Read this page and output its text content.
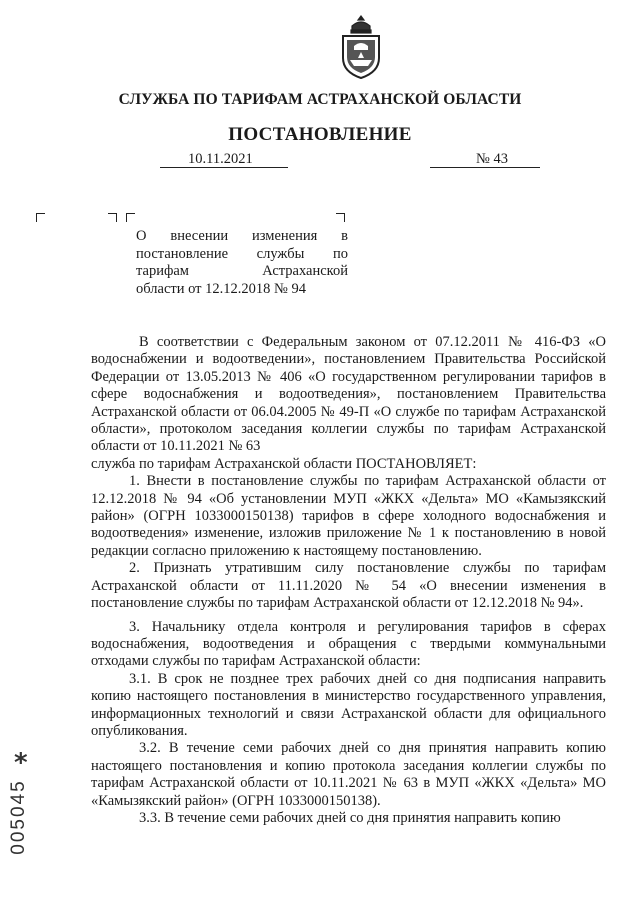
СЛУЖБА ПО ТАРИФАМ АСТРАХАНСКОЙ ОБЛАСТИ
ПОСТАНОВЛЕНИЕ
10.11.2021	№ 43
О внесении изменения в
постановление службы по
тарифам Астраханской
области от 12.12.2018 № 94

В соответствии с Федеральным законом от 07.12.2011 № 416-ФЗ «О водоснабжении и водоотведении», постановлением Правительства Российской Федерации от 13.05.2013 № 406 «О государственном регулировании тарифов в сфере водоснабжения и водоотведения», постановлением Правительства Астраханской области от 06.04.2005 № 49-П «О службе по тарифам Астраханской области», протоколом заседания коллегии службы по тарифам Астраханской области от 10.11.2021 № 63

служба по тарифам Астраханской области ПОСТАНОВЛЯЕТ:

1. Внести в постановление службы по тарифам Астраханской области от 12.12.2018 № 94 «Об установлении МУП «ЖКХ «Дельта» МО «Камызякский район» (ОГРН 1033000150138) тарифов в сфере холодного водоснабжения и водоотведения» изменение, изложив приложение № 1 к постановлению в новой редакции согласно приложению к настоящему постановлению.

2. Признать утратившим силу постановление службы по тарифам Астраханской области от 11.11.2020 № 54 «О внесении изменения в постановление службы по тарифам Астраханской области от 12.12.2018 № 94».

3. Начальнику отдела контроля и регулирования тарифов в сферах водоснабжения, водоотведения и обращения с твердыми коммунальными отходами службы по тарифам Астраханской области:

3.1. В срок не позднее трех рабочих дней со дня подписания направить копию настоящего постановления в министерство государственного управления, информационных технологий и связи Астраханской области для официального опубликования.

3.2. В течение семи рабочих дней со дня принятия направить копию настоящего постановления и копию протокола заседания коллегии службы по тарифам Астраханской области от 10.11.2021 № 63 в МУП «ЖКХ «Дельта» МО «Камызякский район» (ОГРН 1033000150138).

3.3. В течение семи рабочих дней со дня принятия направить копию

*
005045
